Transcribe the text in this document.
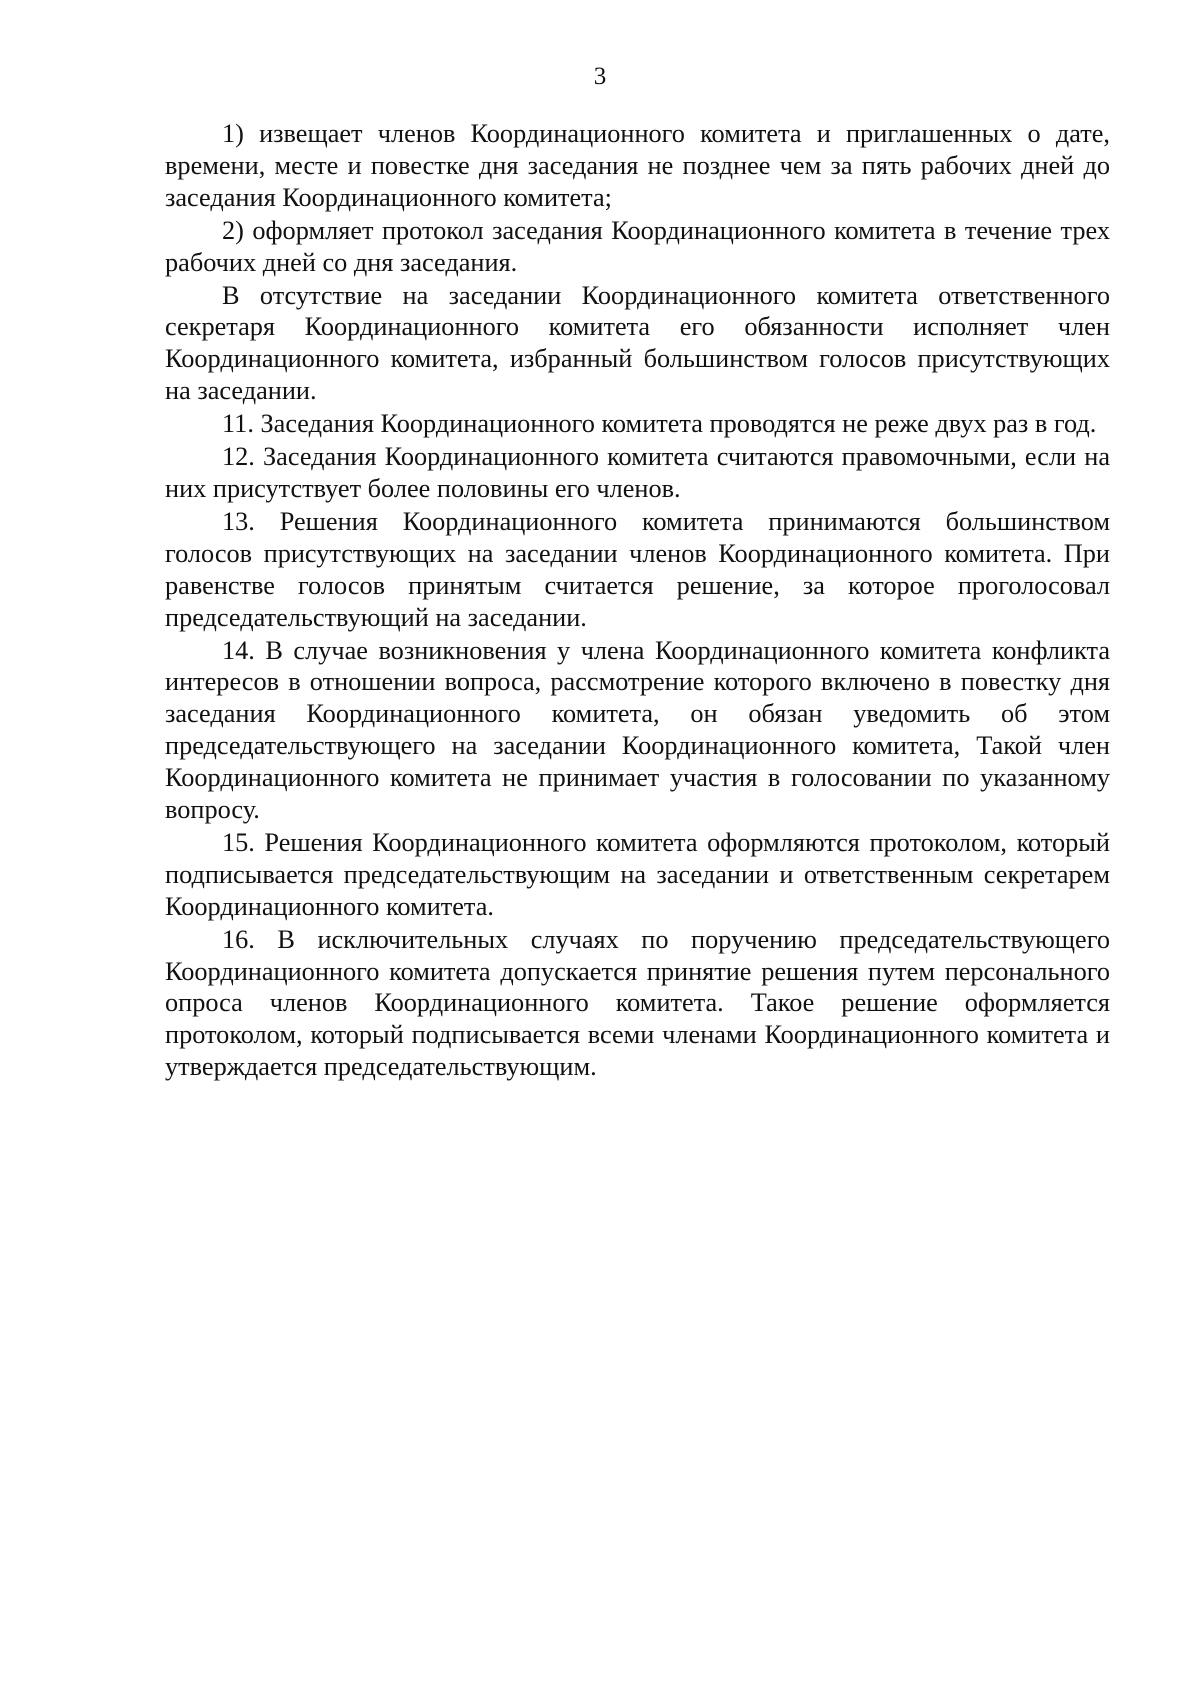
3

1) извещает членов Координационного комитета и приглашенных о дате, времени, месте и повестке дня заседания не позднее чем за пять рабочих дней до заседания Координационного комитета;

2) оформляет протокол заседания Координационного комитета в течение трех рабочих дней со дня заседания.

В отсутствие на заседании Координационного комитета ответственного секретаря Координационного комитета его обязанности исполняет член Координационного комитета, избранный большинством голосов присутствующих на заседании.

11. Заседания Координационного комитета проводятся не реже двух раз в год.

12. Заседания Координационного комитета считаются правомочными, если на них присутствует более половины его членов.

13. Решения Координационного комитета принимаются большинством голосов присутствующих на заседании членов Координационного комитета. При равенстве голосов принятым считается решение, за которое проголосовал председательствующий на заседании.

14. В случае возникновения у члена Координационного комитета конфликта интересов в отношении вопроса, рассмотрение которого включено в повестку дня заседания Координационного комитета, он обязан уведомить об этом председательствующего на заседании Координационного комитета, Такой член Координационного комитета не принимает участия в голосовании по указанному вопросу.

15. Решения Координационного комитета оформляются протоколом, который подписывается председательствующим на заседании и ответственным секретарем Координационного комитета.

16. В исключительных случаях по поручению председательствующего Координационного комитета допускается принятие решения путем персонального опроса членов Координационного комитета. Такое решение оформляется протоколом, который подписывается всеми членами Координационного комитета и утверждается председательствующим.
